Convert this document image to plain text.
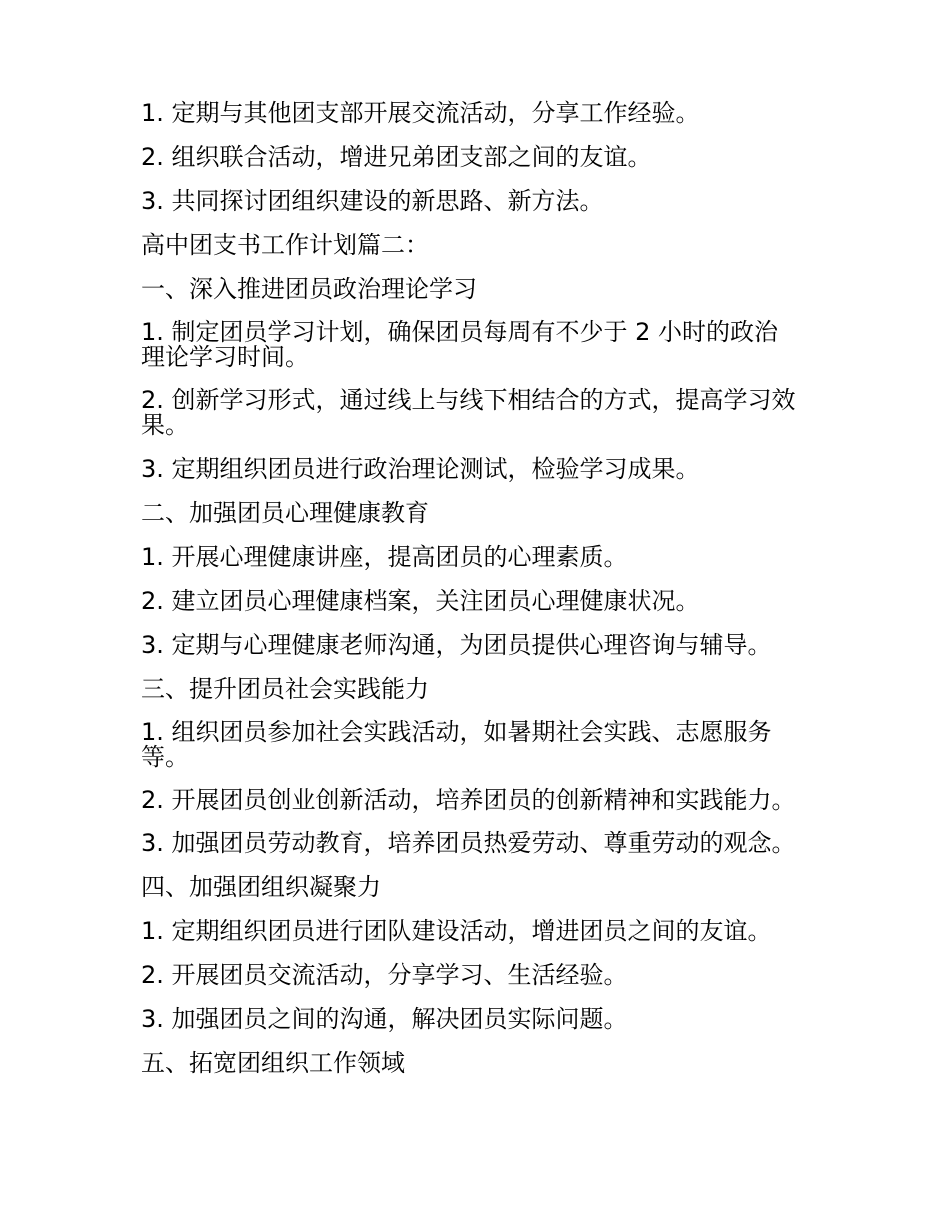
1. 定期与其他团支部开展交流活动，分享工作经验。

2. 组织联合活动，增进兄弟团支部之间的友谊。

3. 共同探讨团组织建设的新思路、新方法。

高中团支书工作计划篇二：

一、深入推进团员政治理论学习

1. 制定团员学习计划，确保团员每周有不少于 2 小时的政治理论学习时间。

2. 创新学习形式，通过线上与线下相结合的方式，提高学习效果。

3. 定期组织团员进行政治理论测试，检验学习成果。

二、加强团员心理健康教育

1. 开展心理健康讲座，提高团员的心理素质。

2. 建立团员心理健康档案，关注团员心理健康状况。

3. 定期与心理健康老师沟通，为团员提供心理咨询与辅导。

三、提升团员社会实践能力

1. 组织团员参加社会实践活动，如暑期社会实践、志愿服务等。

2. 开展团员创业创新活动，培养团员的创新精神和实践能力。

3. 加强团员劳动教育，培养团员热爱劳动、尊重劳动的观念。

四、加强团组织凝聚力

1. 定期组织团员进行团队建设活动，增进团员之间的友谊。

2. 开展团员交流活动，分享学习、生活经验。

3. 加强团员之间的沟通，解决团员实际问题。

五、拓宽团组织工作领域
